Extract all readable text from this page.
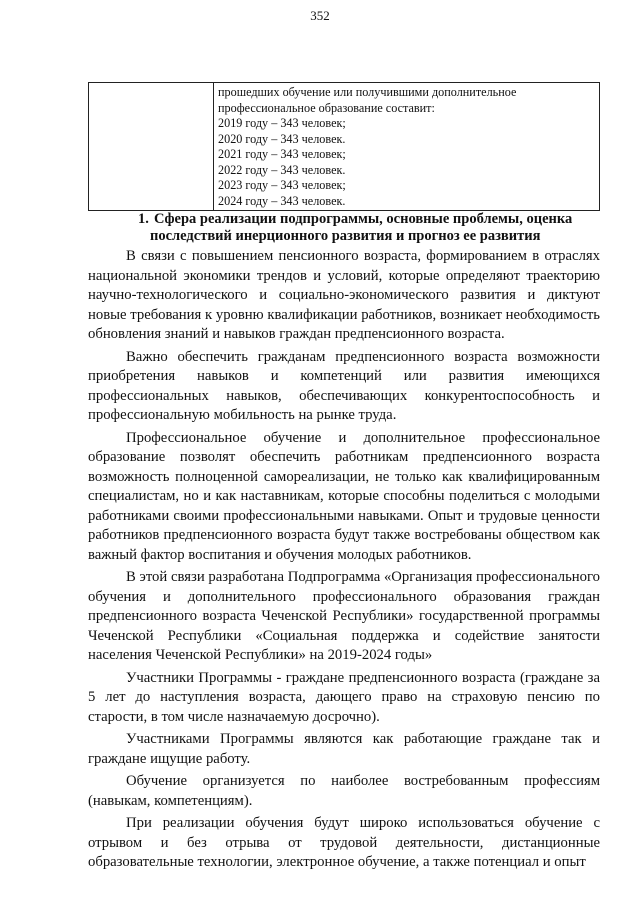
352

прошедших обучение или получившими дополнительное
профессиональное образование составит:
2019 году – 343 человек;
2020 году – 343 человек.
2021 году – 343 человек;
2022 году – 343 человек.
2023 году – 343 человек;
2024 году – 343 человек.
1. Сфера реализации подпрограммы, основные проблемы, оценка
последствий инерционного развития и прогноз ее развития

В связи с повышением пенсионного возраста, формированием в отраслях национальной экономики трендов и условий, которые определяют траекторию научно-технологического и социально-экономического развития и диктуют новые требования к уровню квалификации работников, возникает необходимость обновления знаний и навыков граждан предпенсионного возраста.

Важно обеспечить гражданам предпенсионного возраста возможности приобретения навыков и компетенций или развития имеющихся профессиональных навыков, обеспечивающих конкурентоспособность и профессиональную мобильность на рынке труда.

Профессиональное обучение и дополнительное профессиональное образование позволят обеспечить работникам предпенсионного возраста возможность полноценной самореализации, не только как квалифицированным специалистам, но и как наставникам, которые способны поделиться с молодыми работниками своими профессиональными навыками. Опыт и трудовые ценности работников предпенсионного возраста будут также востребованы обществом как важный фактор воспитания и обучения молодых работников.

В этой связи разработана Подпрограмма «Организация профессионального обучения и дополнительного профессионального образования граждан предпенсионного возраста Чеченской Республики» государственной программы Чеченской Республики «Социальная поддержка и содействие занятости населения Чеченской Республики» на 2019-2024 годы»

Участники Программы - граждане предпенсионного возраста (граждане за 5 лет до наступления возраста, дающего право на страховую пенсию по старости, в том числе назначаемую досрочно).

Участниками Программы являются как работающие граждане так и граждане ищущие работу.

Обучение организуется по наиболее востребованным профессиям (навыкам, компетенциям).

При реализации обучения будут широко использоваться обучение с отрывом и без отрыва от трудовой деятельности, дистанционные образовательные технологии, электронное обучение, а также потенциал и опыт
